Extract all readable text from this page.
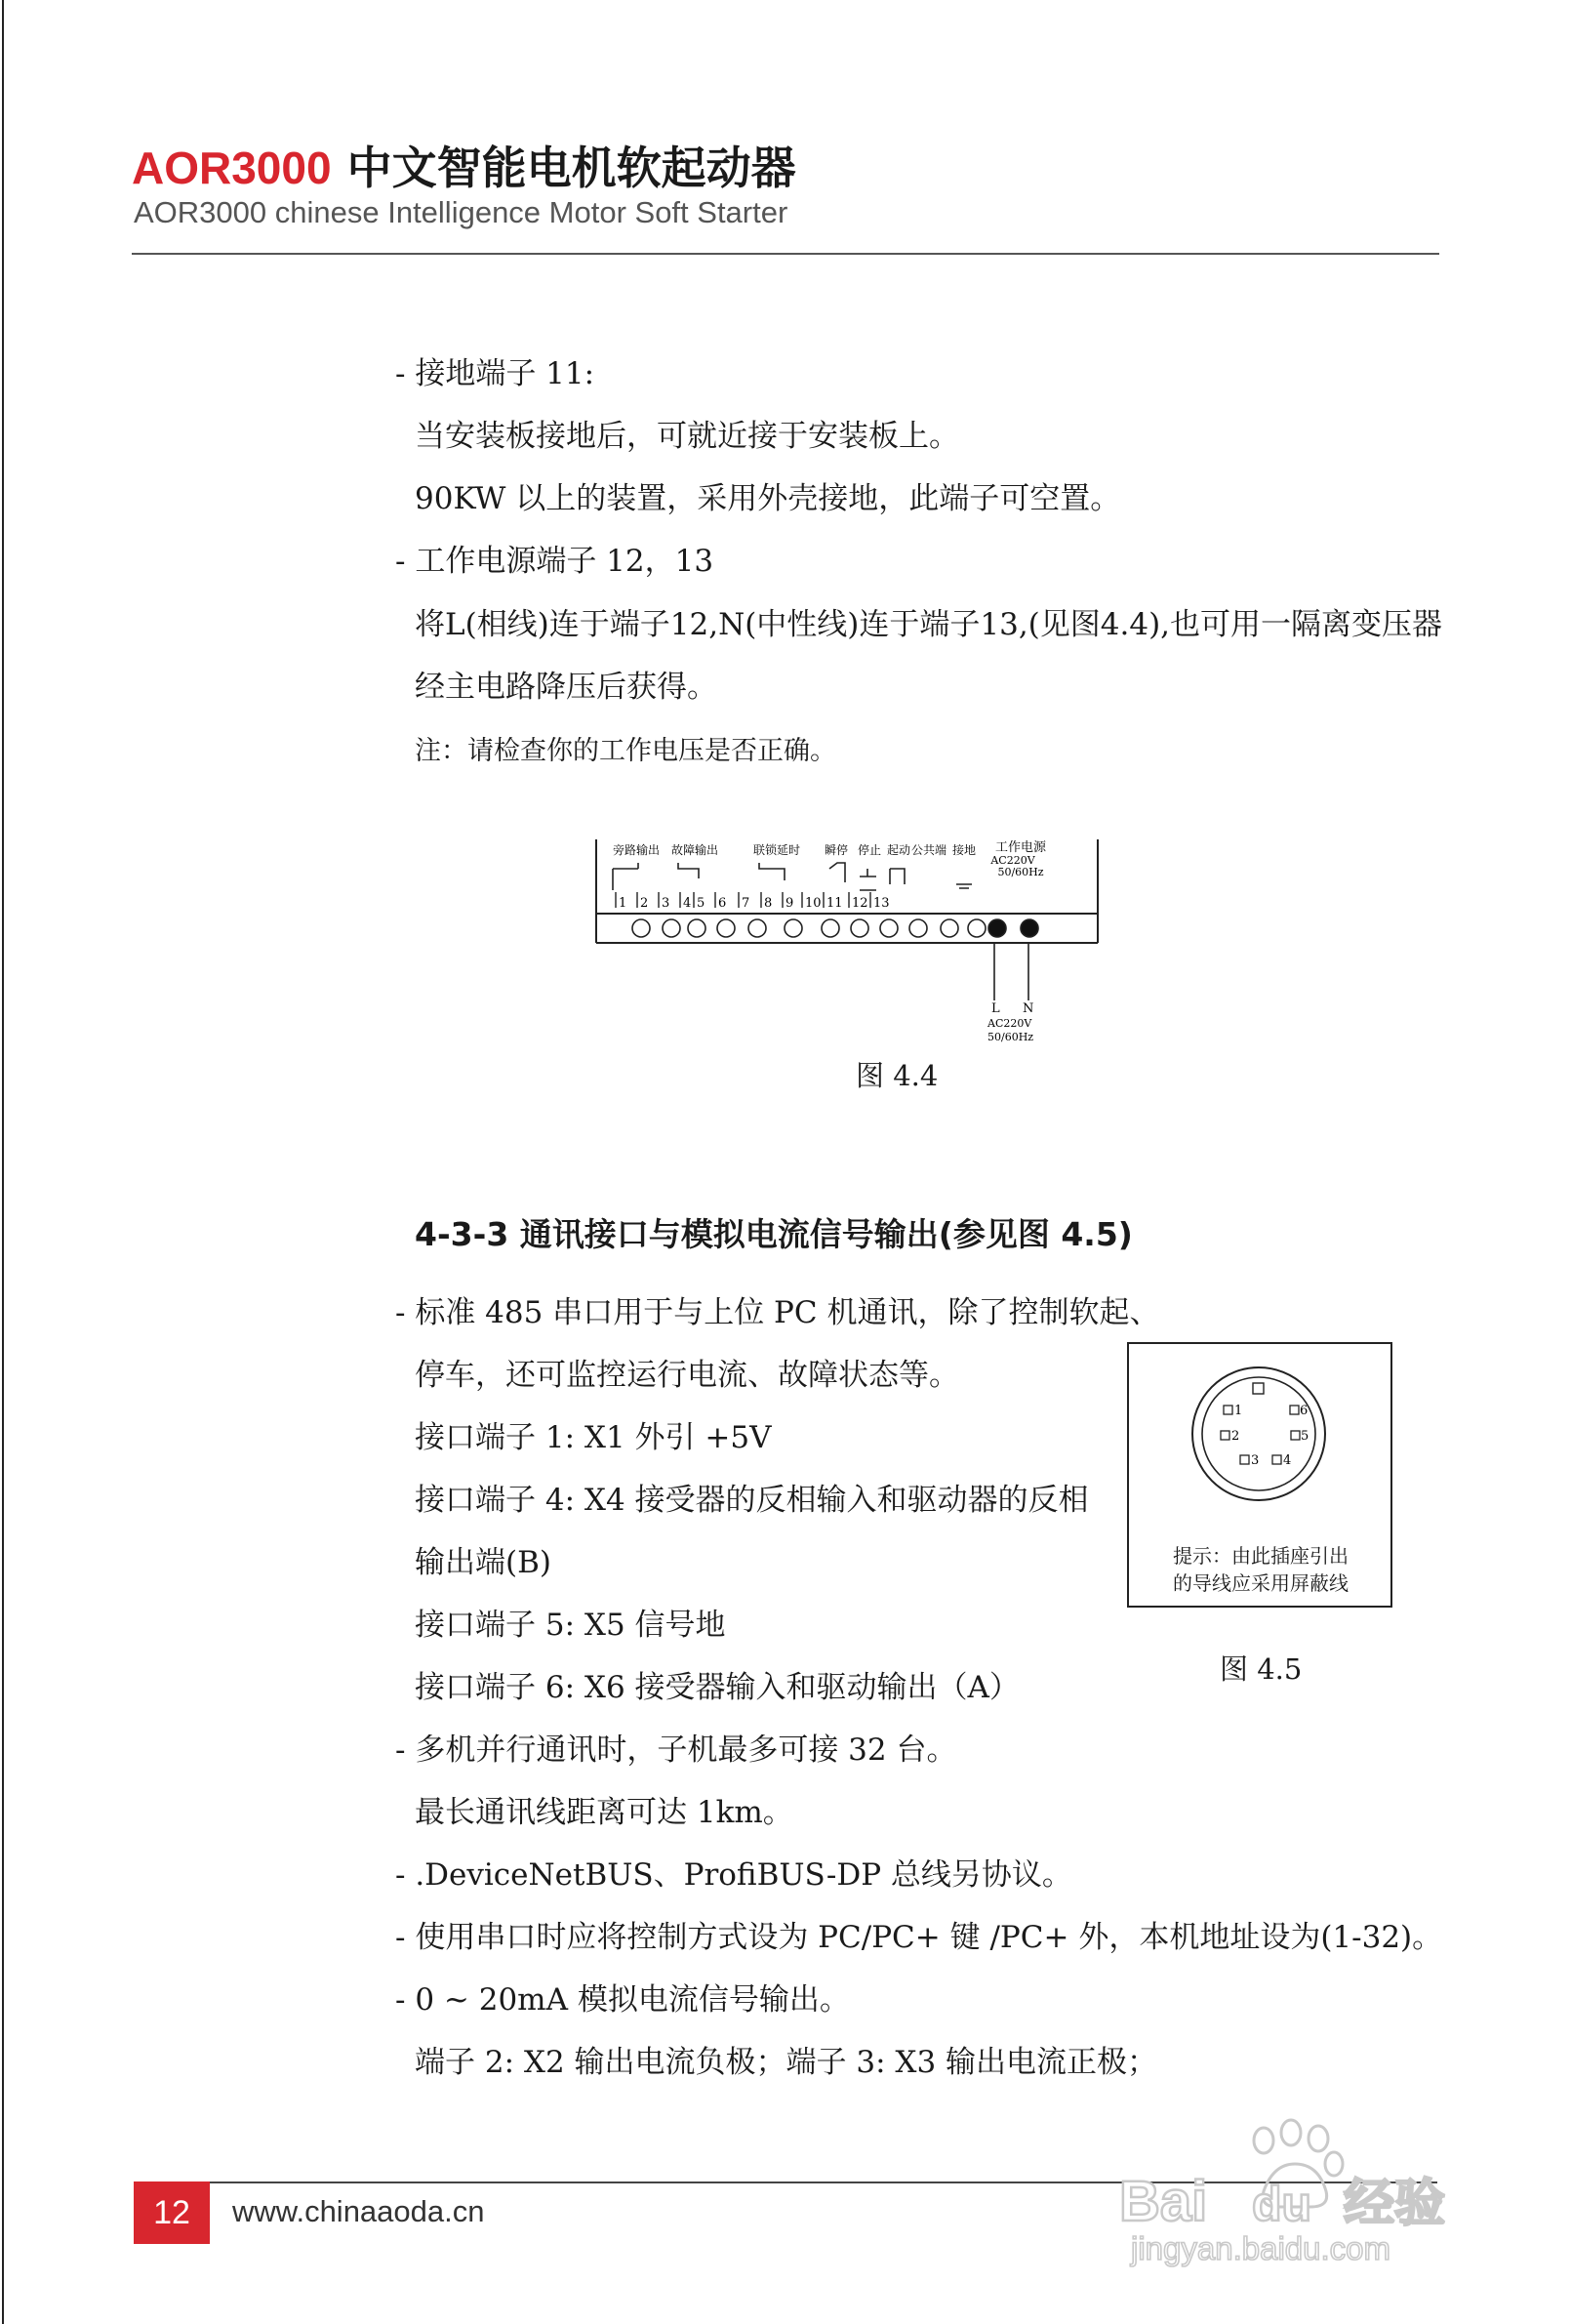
AOR3000 中文智能电机软起动器
AOR3000 chinese Intelligence Motor Soft Starter
- 接地端子 11:
当安装板接地后，可就近接于安装板上。
90KW 以上的装置，采用外壳接地，此端子可空置。
- 工作电源端子 12，13
将L(相线)连于端子12,N(中性线)连于端子13,(见图4.4),也可用一隔离变压器
经主电路降压后获得。
注：请检查你的工作电压是否正确。
旁路输出 故障输出	联锁延时 瞬停 停止 起动 公共端 接地 工作电源
AC220V
50/60Hz
1 2 3 4 5 6 7 8 9 10 11 12 13
L N
AC220V
50/60Hz
图 4.4
4-3-3 通讯接口与模拟电流信号输出(参见图 4.5)
- 标准 485 串口用于与上位 PC 机通讯，除了控制软起、
停车，还可监控运行电流、故障状态等。
接口端子 1: X1 外引 +5V
接口端子 4: X4 接受器的反相输入和驱动器的反相
输出端(B)
接口端子 5: X5 信号地
接口端子 6: X6 接受器输入和驱动输出（A）
- 多机并行通讯时，子机最多可接 32 台。
最长通讯线距离可达 1km。
- .DeviceNetBUS、ProfiBUS-DP 总线另协议。
- 使用串口时应将控制方式设为 PC/PC+ 键 /PC+ 外，本机地址设为(1-32)。
- 0 ~ 20mA 模拟电流信号输出。
端子 2: X2 输出电流负极；端子 3: X3 输出电流正极；
1
2
3 4
5
6
提示：由此插座引出
的导线应采用屏蔽线
图 4.5
12	www.chinaaoda.cn	Bai du 经验
jingyan.baidu.com
